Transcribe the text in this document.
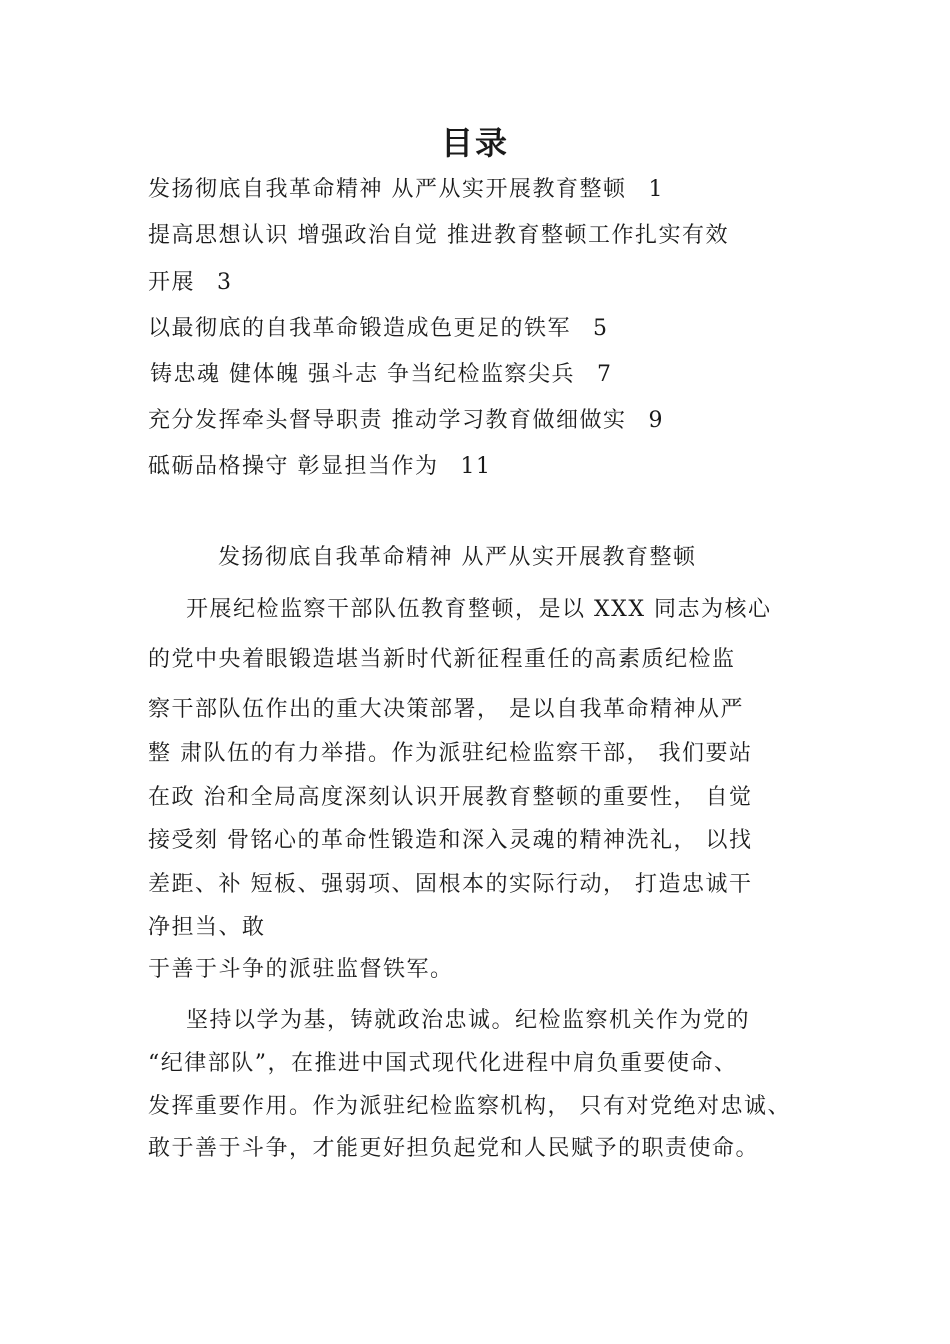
目录
发扬彻底自我革命精神 从严从实开展教育整顿 1
提高思想认识 增强政治自觉 推进教育整顿工作扎实有效
开展 3
以最彻底的自我革命锻造成色更足的铁军 5
铸忠魂 健体魄 强斗志 争当纪检监察尖兵 7
充分发挥牵头督导职责 推动学习教育做细做实 9
砥砺品格操守 彰显担当作为 11
发扬彻底自我革命精神 从严从实开展教育整顿
开展纪检监察干部队伍教育整顿，是以 XXX 同志为核心
的党中央着眼锻造堪当新时代新征程重任的高素质纪检监
察干部队伍作出的重大决策部署， 是以自我革命精神从严
整 肃队伍的有力举措。作为派驻纪检监察干部， 我们要站
在政 治和全局高度深刻认识开展教育整顿的重要性， 自觉
接受刻 骨铭心的革命性锻造和深入灵魂的精神洗礼， 以找
差距、补 短板、强弱项、固根本的实际行动， 打造忠诚干
净担当、敢
于善于斗争的派驻监督铁军。
坚持以学为基，铸就政治忠诚。纪检监察机关作为党的
“纪律部队”，在推进中国式现代化进程中肩负重要使命、
发挥重要作用。作为派驻纪检监察机构， 只有对党绝对忠诚、
敢于善于斗争，才能更好担负起党和人民赋予的职责使命。
